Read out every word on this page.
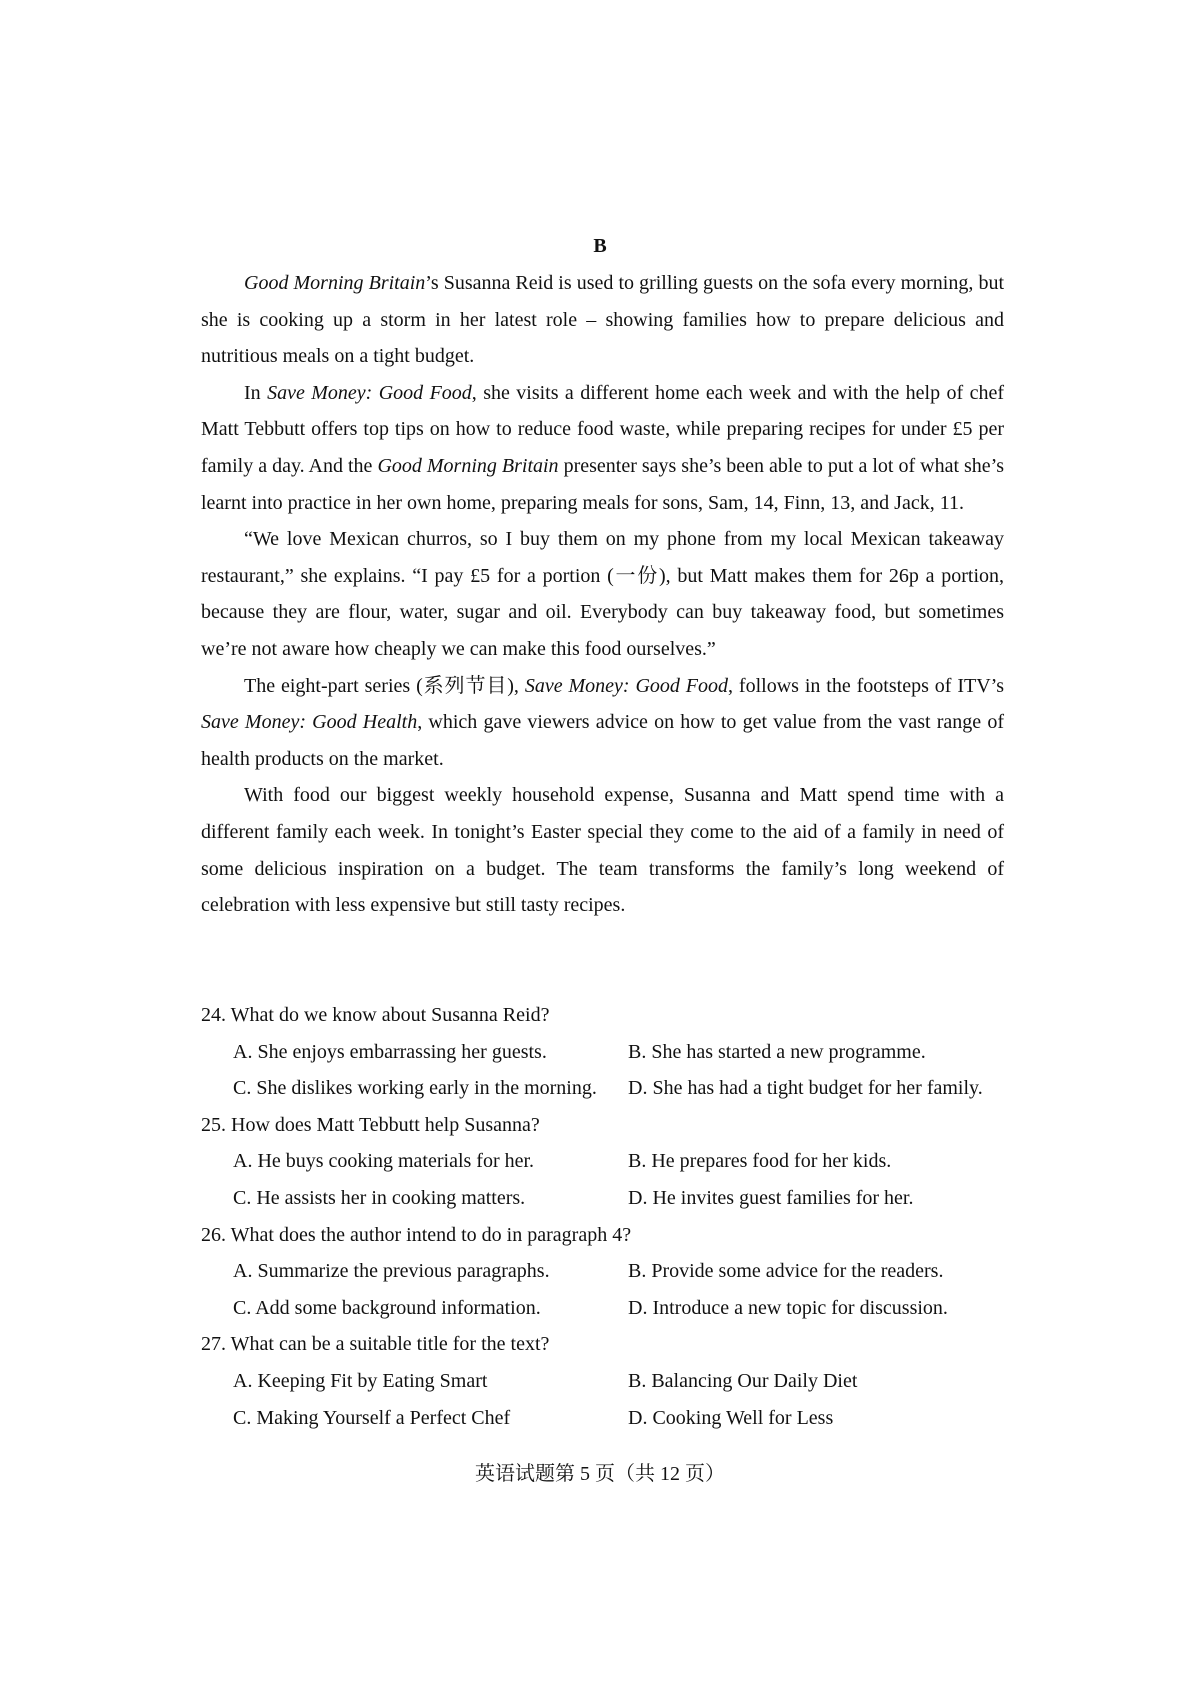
B

Good Morning Britain’s Susanna Reid is used to grilling guests on the sofa every morning, but she is cooking up a storm in her latest role – showing families how to prepare delicious and nutritious meals on a tight budget.

In Save Money: Good Food, she visits a different home each week and with the help of chef Matt Tebbutt offers top tips on how to reduce food waste, while preparing recipes for under £5 per family a day. And the Good Morning Britain presenter says she’s been able to put a lot of what she’s learnt into practice in her own home, preparing meals for sons, Sam, 14, Finn, 13, and Jack, 11.

“We love Mexican churros, so I buy them on my phone from my local Mexican takeaway restaurant,” she explains. “I pay £5 for a portion (一份), but Matt makes them for 26p a portion, because they are flour, water, sugar and oil. Everybody can buy takeaway food, but sometimes we’re not aware how cheaply we can make this food ourselves.”

The eight-part series (系列节目), Save Money: Good Food, follows in the footsteps of ITV’s Save Money: Good Health, which gave viewers advice on how to get value from the vast range of health products on the market.

With food our biggest weekly household expense, Susanna and Matt spend time with a different family each week. In tonight’s Easter special they come to the aid of a family in need of some delicious inspiration on a budget. The team transforms the family’s long weekend of celebration with less expensive but still tasty recipes.

24. What do we know about Susanna Reid?
A. She enjoys embarrassing her guests.	B. She has started a new programme.
C. She dislikes working early in the morning.	D. She has had a tight budget for her family.
25. How does Matt Tebbutt help Susanna?
A. He buys cooking materials for her.	B. He prepares food for her kids.
C. He assists her in cooking matters.	D. He invites guest families for her.
26. What does the author intend to do in paragraph 4?
A. Summarize the previous paragraphs.	B. Provide some advice for the readers.
C. Add some background information.	D. Introduce a new topic for discussion.
27. What can be a suitable title for the text?
A. Keeping Fit by Eating Smart	B. Balancing Our Daily Diet
C. Making Yourself a Perfect Chef	D. Cooking Well for Less
英语试题第 5 页（共 12 页）
